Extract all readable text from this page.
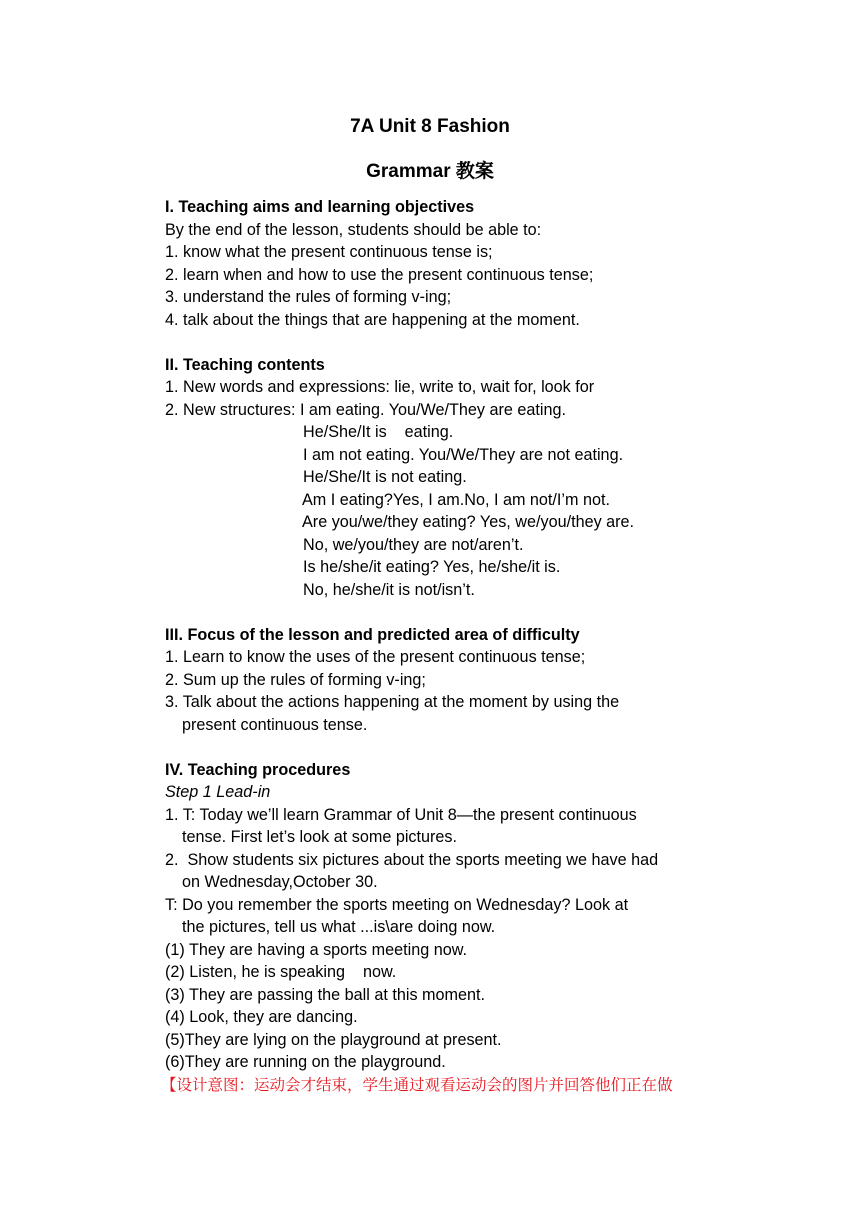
7A Unit 8 Fashion
Grammar 教案
I. Teaching aims and learning objectives
By the end of the lesson, students should be able to:
1. know what the present continuous tense is;
2. learn when and how to use the present continuous tense;
3. understand the rules of forming v-ing;
4. talk about the things that are happening at the moment.
II. Teaching contents
1. New words and expressions: lie, write to, wait for, look for
2. New structures: I am eating. You/We/They are eating.
He/She/It is    eating.
I am not eating. You/We/They are not eating.
He/She/It is not eating.
Am I eating?Yes, I am.No, I am not/I’m not.
Are you/we/they eating? Yes, we/you/they are.
No, we/you/they are not/aren’t.
Is he/she/it eating? Yes, he/she/it is.
No, he/she/it is not/isn’t.
III. Focus of the lesson and predicted area of difficulty
1. Learn to know the uses of the present continuous tense;
2. Sum up the rules of forming v-ing;
3. Talk about the actions happening at the moment by using the
present continuous tense.
IV. Teaching procedures
Step 1 Lead-in
1. T: Today we’ll learn Grammar of Unit 8—the present continuous
tense. First let’s look at some pictures.
2.  Show students six pictures about the sports meeting we have had
on Wednesday,October 30.
T: Do you remember the sports meeting on Wednesday? Look at
the pictures, tell us what ...is\are doing now.
(1) They are having a sports meeting now.
(2) Listen, he is speaking    now.
(3) They are passing the ball at this moment.
(4) Look, they are dancing.
(5)They are lying on the playground at present.
(6)They are running on the playground.
【设计意图：运动会才结束，学生通过观看运动会的图片并回答他们正在做
